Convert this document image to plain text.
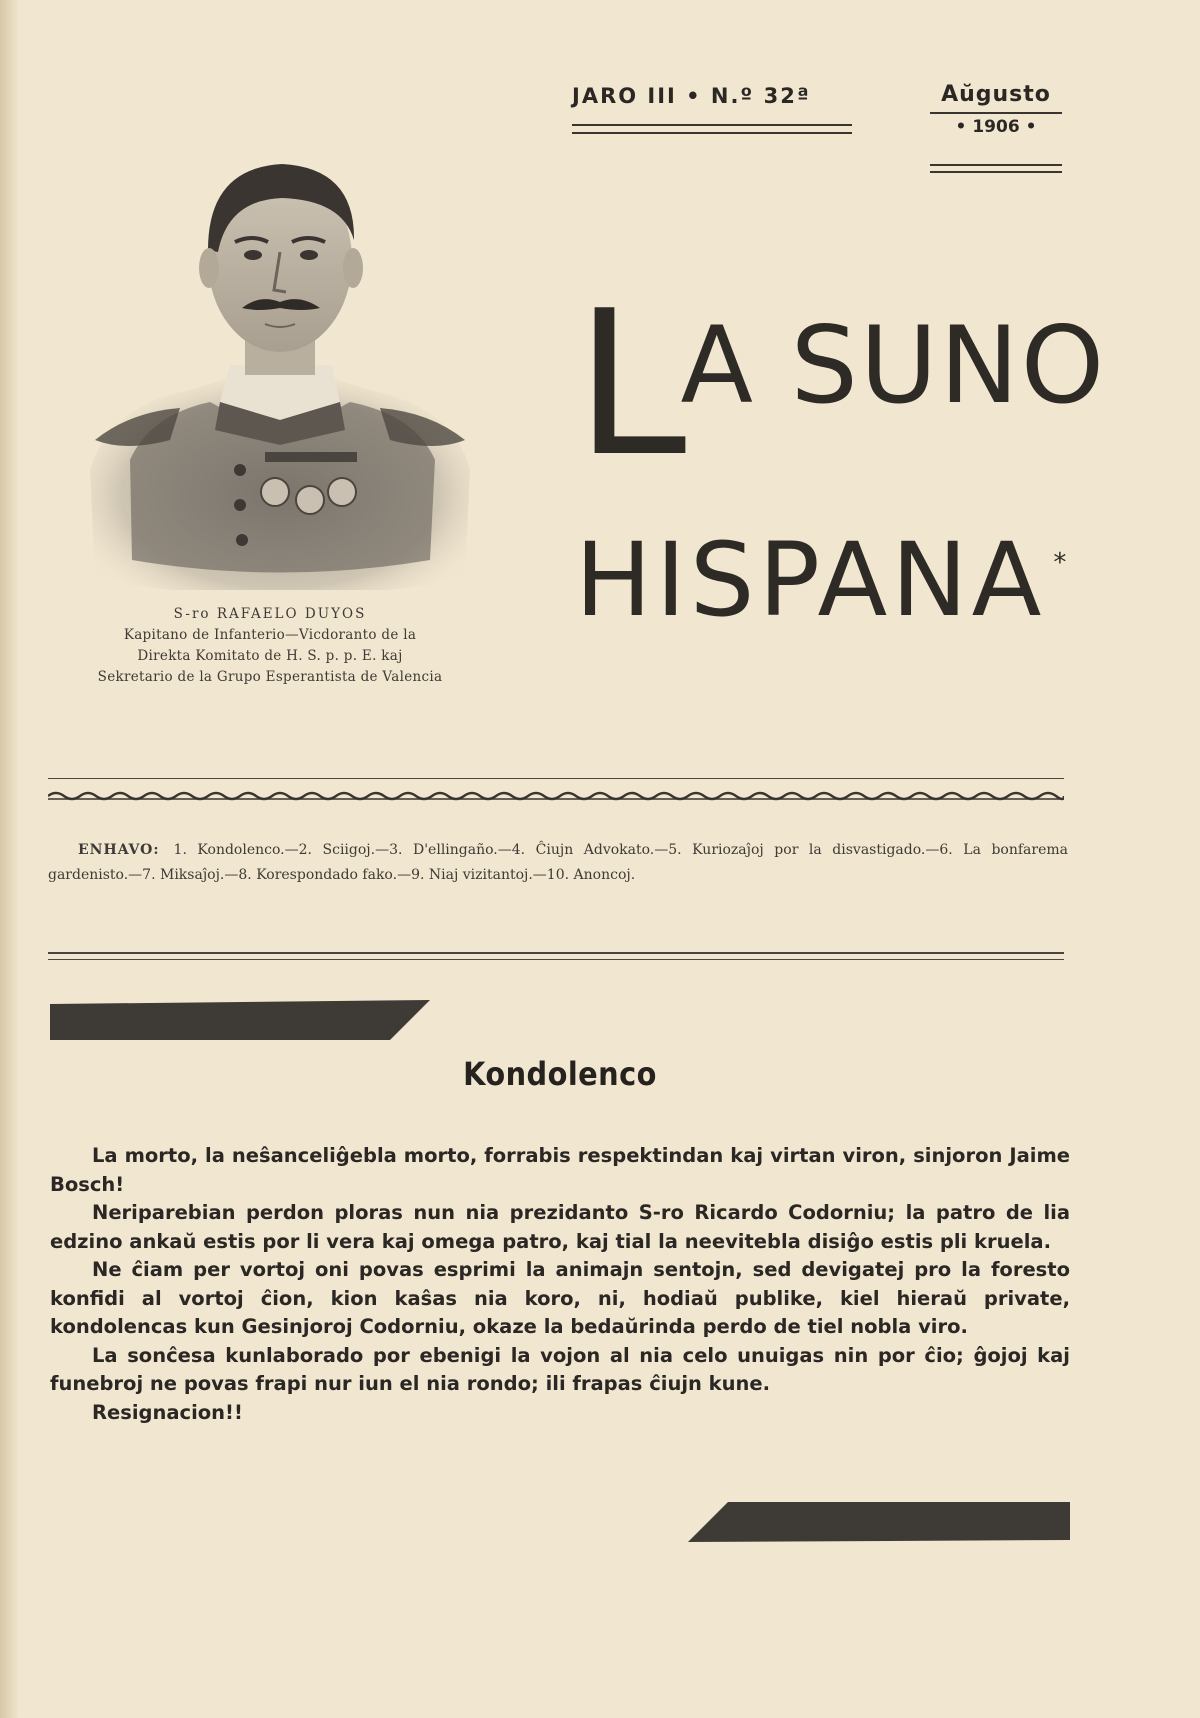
JARO III • N.º 32ª	Aŭgusto
• 1906 •
LA SUNO
HISPANA *
S-ro RAFAELO DUYOS
Kapitano de Infanterio—Vicdoranto de la
Direkta Komitato de H. S. p. p. E. kaj
Sekretario de la Grupo Esperantista de Valencia
ENHAVO: 1. Kondolenco.—2. Sciigoj.—3. D'ellingaño.—4. Ĉiujn Advokato.—5. Kuriozaĵoj por la disvastigado.—6. La bonfarema gardenisto.—7. Miksaĵoj.—8. Korespondado fako.—9. Niaj vizitantoj.—10. Anoncoj.
Kondolenco

La morto, la neŝanceliĝebla morto, forrabis respektindan kaj virtan viron, sinjoron Jaime Bosch!

Neriparebian perdon ploras nun nia prezidanto S-ro Ricardo Codorniu; la patro de lia edzino ankaŭ estis por li vera kaj omega patro, kaj tial la neevitebla disiĝo estis pli kruela.

Ne ĉiam per vortoj oni povas esprimi la animajn sentojn, sed devigatej pro la foresto konfidi al vortoj ĉion, kion kaŝas nia koro, ni, hodiaŭ publike, kiel hieraŭ private, kondolencas kun Gesinjoroj Codorniu, okaze la bedaŭrinda perdo de tiel nobla viro.

La sonĉesa kunlaborado por ebenigi la vojon al nia celo unuigas nin por ĉio; ĝojoj kaj funebroj ne povas frapi nur iun el nia rondo; ili frapas ĉiujn kune.

Resignacion!!
